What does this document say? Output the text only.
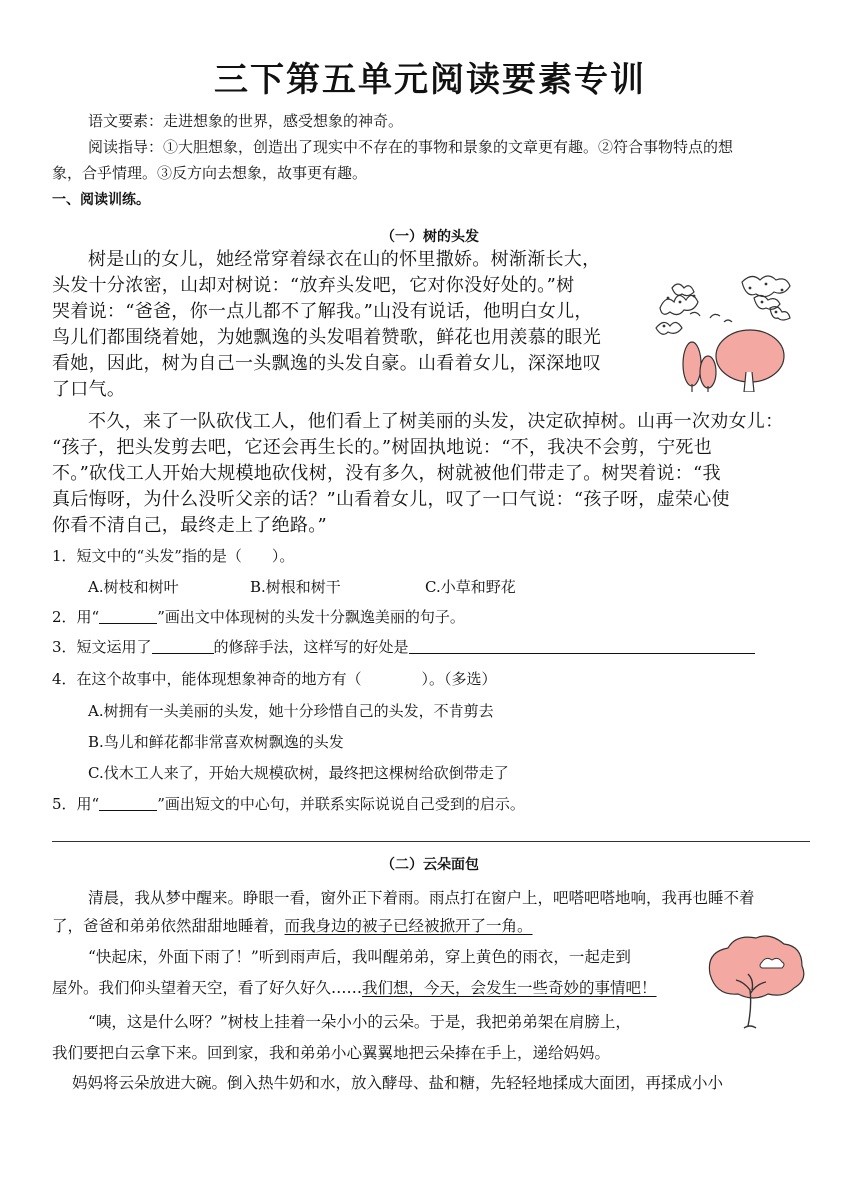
三下第五单元阅读要素专训
语文要素：走进想象的世界，感受想象的神奇。
阅读指导：①大胆想象，创造出了现实中不存在的事物和景象的文章更有趣。②符合事物特点的想
象，合乎情理。③反方向去想象，故事更有趣。
一、阅读训练。
（一）树的头发
树是山的女儿，她经常穿着绿衣在山的怀里撒娇。树渐渐长大，
头发十分浓密，山却对树说：“放弃头发吧，它对你没好处的。”树
哭着说：“爸爸，你一点儿都不了解我。”山没有说话，他明白女儿，
鸟儿们都围绕着她，为她飘逸的头发唱着赞歌，鲜花也用羡慕的眼光
看她，因此，树为自己一头飘逸的头发自豪。山看着女儿，深深地叹
了口气。
不久，来了一队砍伐工人，他们看上了树美丽的头发，决定砍掉树。山再一次劝女儿：
“孩子，把头发剪去吧，它还会再生长的。”树固执地说：“不，我决不会剪，宁死也
不。”砍伐工人开始大规模地砍伐树，没有多久，树就被他们带走了。树哭着说：“我
真后悔呀，为什么没听父亲的话？”山看着女儿，叹了一口气说：“孩子呀，虚荣心使
你看不清自己，最终走上了绝路。”
1．短文中的“头发”指的是（　　）。
A.树枝和树叶	B.树根和树干	C.小草和野花
2．用“	”画出文中体现树的头发十分飘逸美丽的句子。
3．短文运用了	的修辞手法，这样写的好处是
4．在这个故事中，能体现想象神奇的地方有（　　　　）。（多选）
A.树拥有一头美丽的头发，她十分珍惜自己的头发，不肯剪去
B.鸟儿和鲜花都非常喜欢树飘逸的头发
C.伐木工人来了，开始大规模砍树，最终把这棵树给砍倒带走了
5．用“	”画出短文的中心句，并联系实际说说自己受到的启示。
（二）云朵面包
清晨，我从梦中醒来。睁眼一看，窗外正下着雨。雨点打在窗户上，吧嗒吧嗒地响，我再也睡不着
了，爸爸和弟弟依然甜甜地睡着，而我身边的被子已经被掀开了一角。
“快起床，外面下雨了！”听到雨声后，我叫醒弟弟，穿上黄色的雨衣，一起走到
屋外。我们仰头望着天空，看了好久好久……我们想，今天，会发生一些奇妙的事情吧！
“咦，这是什么呀？”树枝上挂着一朵小小的云朵。于是，我把弟弟架在肩膀上，
我们要把白云拿下来。回到家，我和弟弟小心翼翼地把云朵捧在手上，递给妈妈。
妈妈将云朵放进大碗。倒入热牛奶和水，放入酵母、盐和糖，先轻轻地揉成大面团，再揉成小小
